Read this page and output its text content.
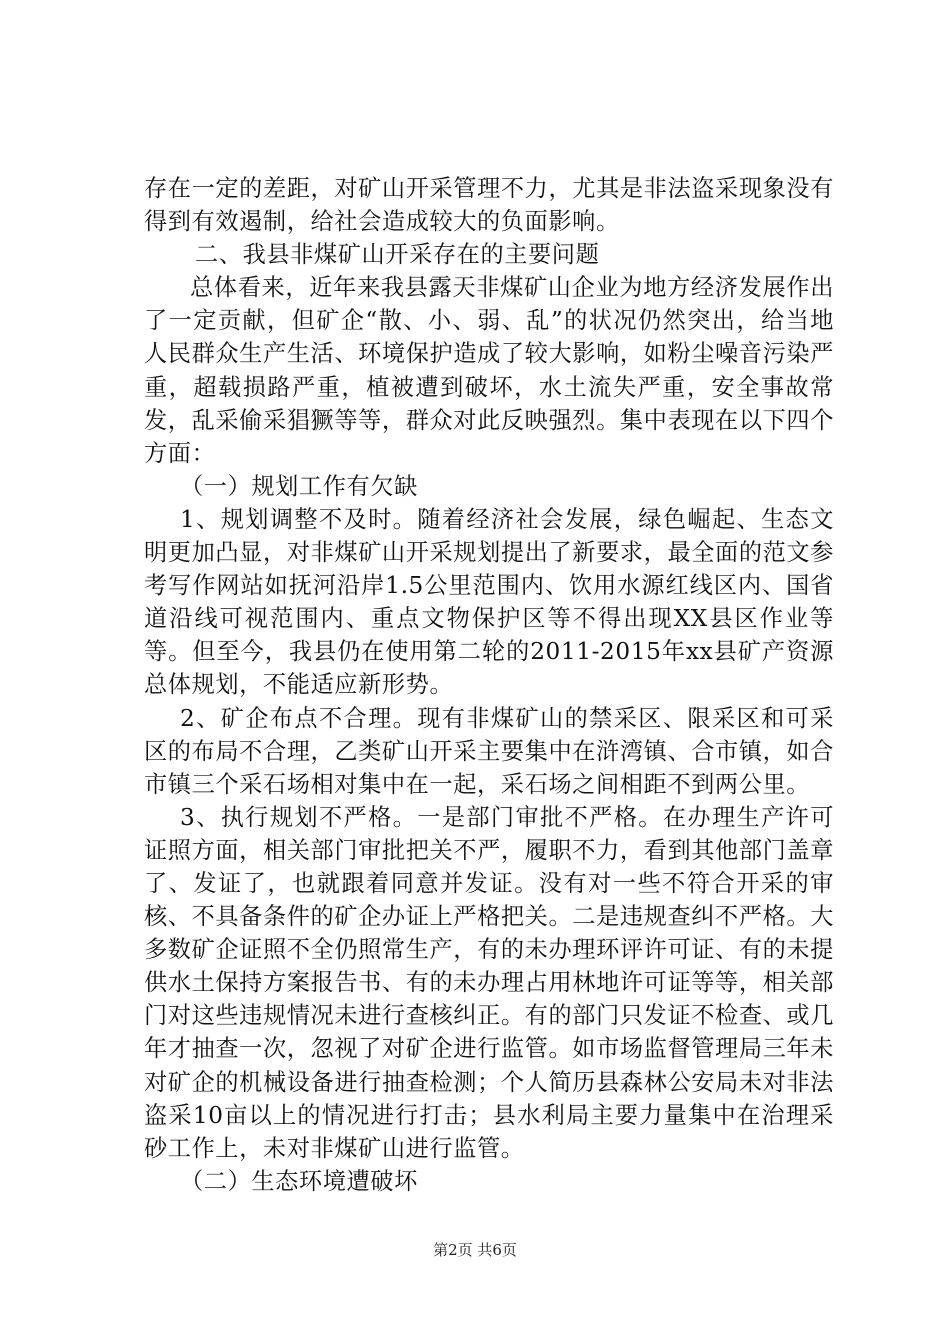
存在一定的差距，对矿山开采管理不力，尤其是非法盗采现象没有得到有效遏制，给社会造成较大的负面影响。

二、我县非煤矿山开采存在的主要问题

总体看来，近年来我县露天非煤矿山企业为地方经济发展作出了一定贡献，但矿企“散、小、弱、乱”的状况仍然突出，给当地人民群众生产生活、环境保护造成了较大影响，如粉尘噪音污染严重，超载损路严重，植被遭到破坏，水土流失严重，安全事故常发，乱采偷采猖獗等等，群众对此反映强烈。集中表现在以下四个方面：

（一）规划工作有欠缺

1、规划调整不及时。随着经济社会发展，绿色崛起、生态文明更加凸显，对非煤矿山开采规划提出了新要求，最全面的范文参考写作网站如抚河沿岸1.5公里范围内、饮用水源红线区内、国省道沿线可视范围内、重点文物保护区等不得出现XX县区作业等等。但至今，我县仍在使用第二轮的2011-2015年xx县矿产资源总体规划，不能适应新形势。

2、矿企布点不合理。现有非煤矿山的禁采区、限采区和可采区的布局不合理，乙类矿山开采主要集中在浒湾镇、合市镇，如合市镇三个采石场相对集中在一起，采石场之间相距不到两公里。

3、执行规划不严格。一是部门审批不严格。在办理生产许可证照方面，相关部门审批把关不严，履职不力，看到其他部门盖章了、发证了，也就跟着同意并发证。没有对一些不符合开采的审核、不具备条件的矿企办证上严格把关。二是违规查纠不严格。大多数矿企证照不全仍照常生产，有的未办理环评许可证、有的未提供水土保持方案报告书、有的未办理占用林地许可证等等，相关部门对这些违规情况未进行查核纠正。有的部门只发证不检查、或几年才抽查一次，忽视了对矿企进行监管。如市场监督管理局三年未对矿企的机械设备进行抽查检测；个人简历县森林公安局未对非法盗采10亩以上的情况进行打击；县水利局主要力量集中在治理采砂工作上，未对非煤矿山进行监管。

（二）生态环境遭破坏

第2页 共6页
